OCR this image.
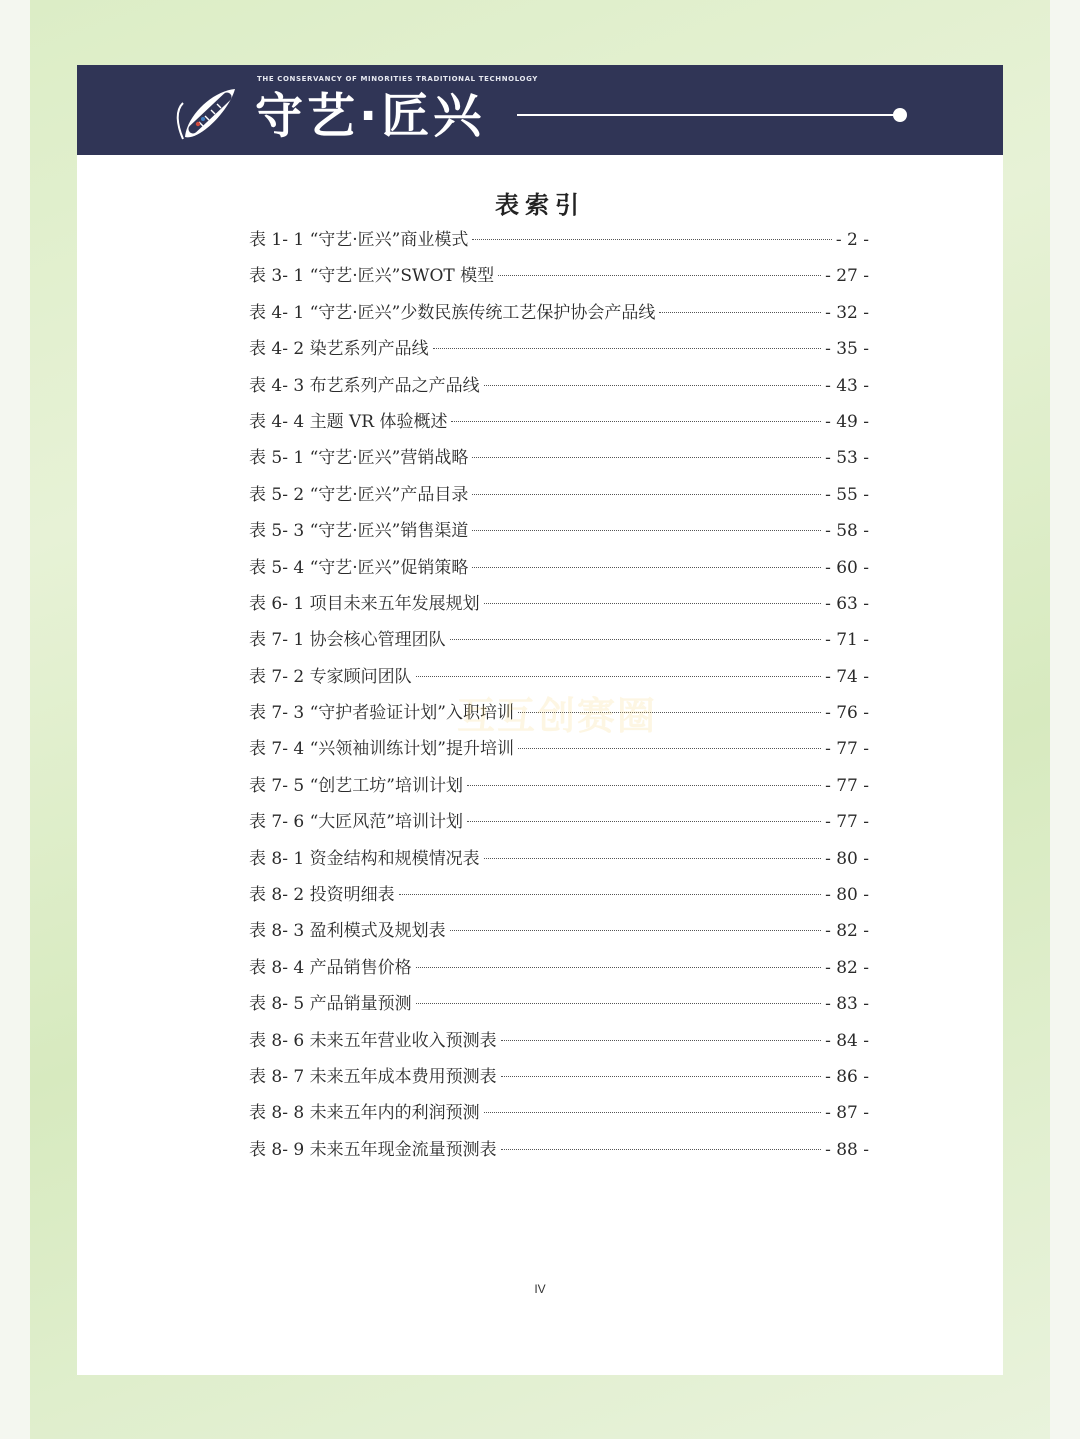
THE CONSERVANCY OF MINORITIES TRADITIONAL TECHNOLOGY
守艺·匠兴
表索引
表 1- 1 “守艺·匠兴”商业模式	- 2 -
表 3- 1 “守艺·匠兴”SWOT 模型	- 27 -
表 4- 1 “守艺·匠兴”少数民族传统工艺保护协会产品线	- 32 -
表 4- 2 染艺系列产品线	- 35 -
表 4- 3 布艺系列产品之产品线	- 43 -
表 4- 4 主题 VR 体验概述	- 49 -
表 5- 1 “守艺·匠兴”营销战略	- 53 -
表 5- 2 “守艺·匠兴”产品目录	- 55 -
表 5- 3 “守艺·匠兴”销售渠道	- 58 -
表 5- 4 “守艺·匠兴”促销策略	- 60 -
表 6- 1 项目未来五年发展规划	- 63 -
表 7- 1 协会核心管理团队	- 71 -
表 7- 2 专家顾问团队	- 74 -
表 7- 3 “守护者验证计划”入职培训	- 76 -
表 7- 4 “兴领袖训练计划”提升培训	- 77 -
表 7- 5 “创艺工坊”培训计划	- 77 -
表 7- 6 “大匠风范”培训计划	- 77 -
表 8- 1 资金结构和规模情况表	- 80 -
表 8- 2 投资明细表	- 80 -
表 8- 3 盈利模式及规划表	- 82 -
表 8- 4 产品销售价格	- 82 -
表 8- 5 产品销量预测	- 83 -
表 8- 6 未来五年营业收入预测表	- 84 -
表 8- 7 未来五年成本费用预测表	- 86 -
表 8- 8 未来五年内的利润预测	- 87 -
表 8- 9 未来五年现金流量预测表	- 88 -
互互创赛圈
IV
